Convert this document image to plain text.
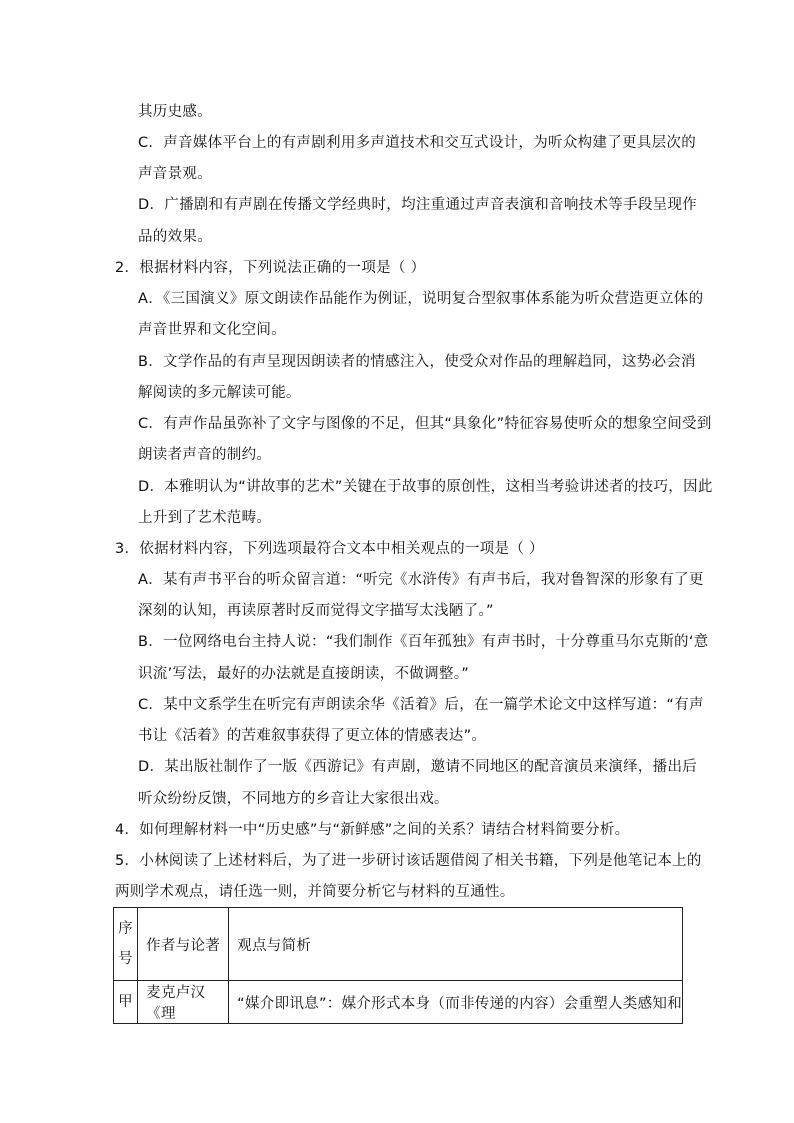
其历史感。
C．声音媒体平台上的有声剧利用多声道技术和交互式设计，为听众构建了更具层次的
声音景观。
D．广播剧和有声剧在传播文学经典时，均注重通过声音表演和音响技术等手段呈现作
品的效果。
2．根据材料内容，下列说法正确的一项是（ ）
A．《三国演义》原文朗读作品能作为例证，说明复合型叙事体系能为听众营造更立体的
声音世界和文化空间。
B．文学作品的有声呈现因朗读者的情感注入，使受众对作品的理解趋同，这势必会消
解阅读的多元解读可能。
C．有声作品虽弥补了文字与图像的不足，但其“具象化”特征容易使听众的想象空间受到
朗读者声音的制约。
D．本雅明认为“讲故事的艺术”关键在于故事的原创性，这相当考验讲述者的技巧，因此
上升到了艺术范畴。
3．依据材料内容，下列选项最符合文本中相关观点的一项是（ ）
A．某有声书平台的听众留言道：“听完《水浒传》有声书后，我对鲁智深的形象有了更
深刻的认知，再读原著时反而觉得文字描写太浅陋了。”
B．一位网络电台主持人说：“我们制作《百年孤独》有声书时，十分尊重马尔克斯的‘意
识流’写法，最好的办法就是直接朗读，不做调整。”
C．某中文系学生在听完有声朗读余华《活着》后，在一篇学术论文中这样写道：“有声
书让《活着》的苦难叙事获得了更立体的情感表达”。
D．某出版社制作了一版《西游记》有声剧，邀请不同地区的配音演员来演绎，播出后
听众纷纷反馈，不同地方的乡音让大家很出戏。
4．如何理解材料一中“历史感”与“新鲜感”之间的关系？请结合材料简要分析。
5．小林阅读了上述材料后，为了进一步研讨该话题借阅了相关书籍，下列是他笔记本上的
两则学术观点，请任选一则，并简要分析它与材料的互通性。
序
号	作者与论著	观点与简析
甲	麦克卢汉《理	“媒介即讯息”：媒介形式本身（而非传递的内容）会重塑人类感知和
